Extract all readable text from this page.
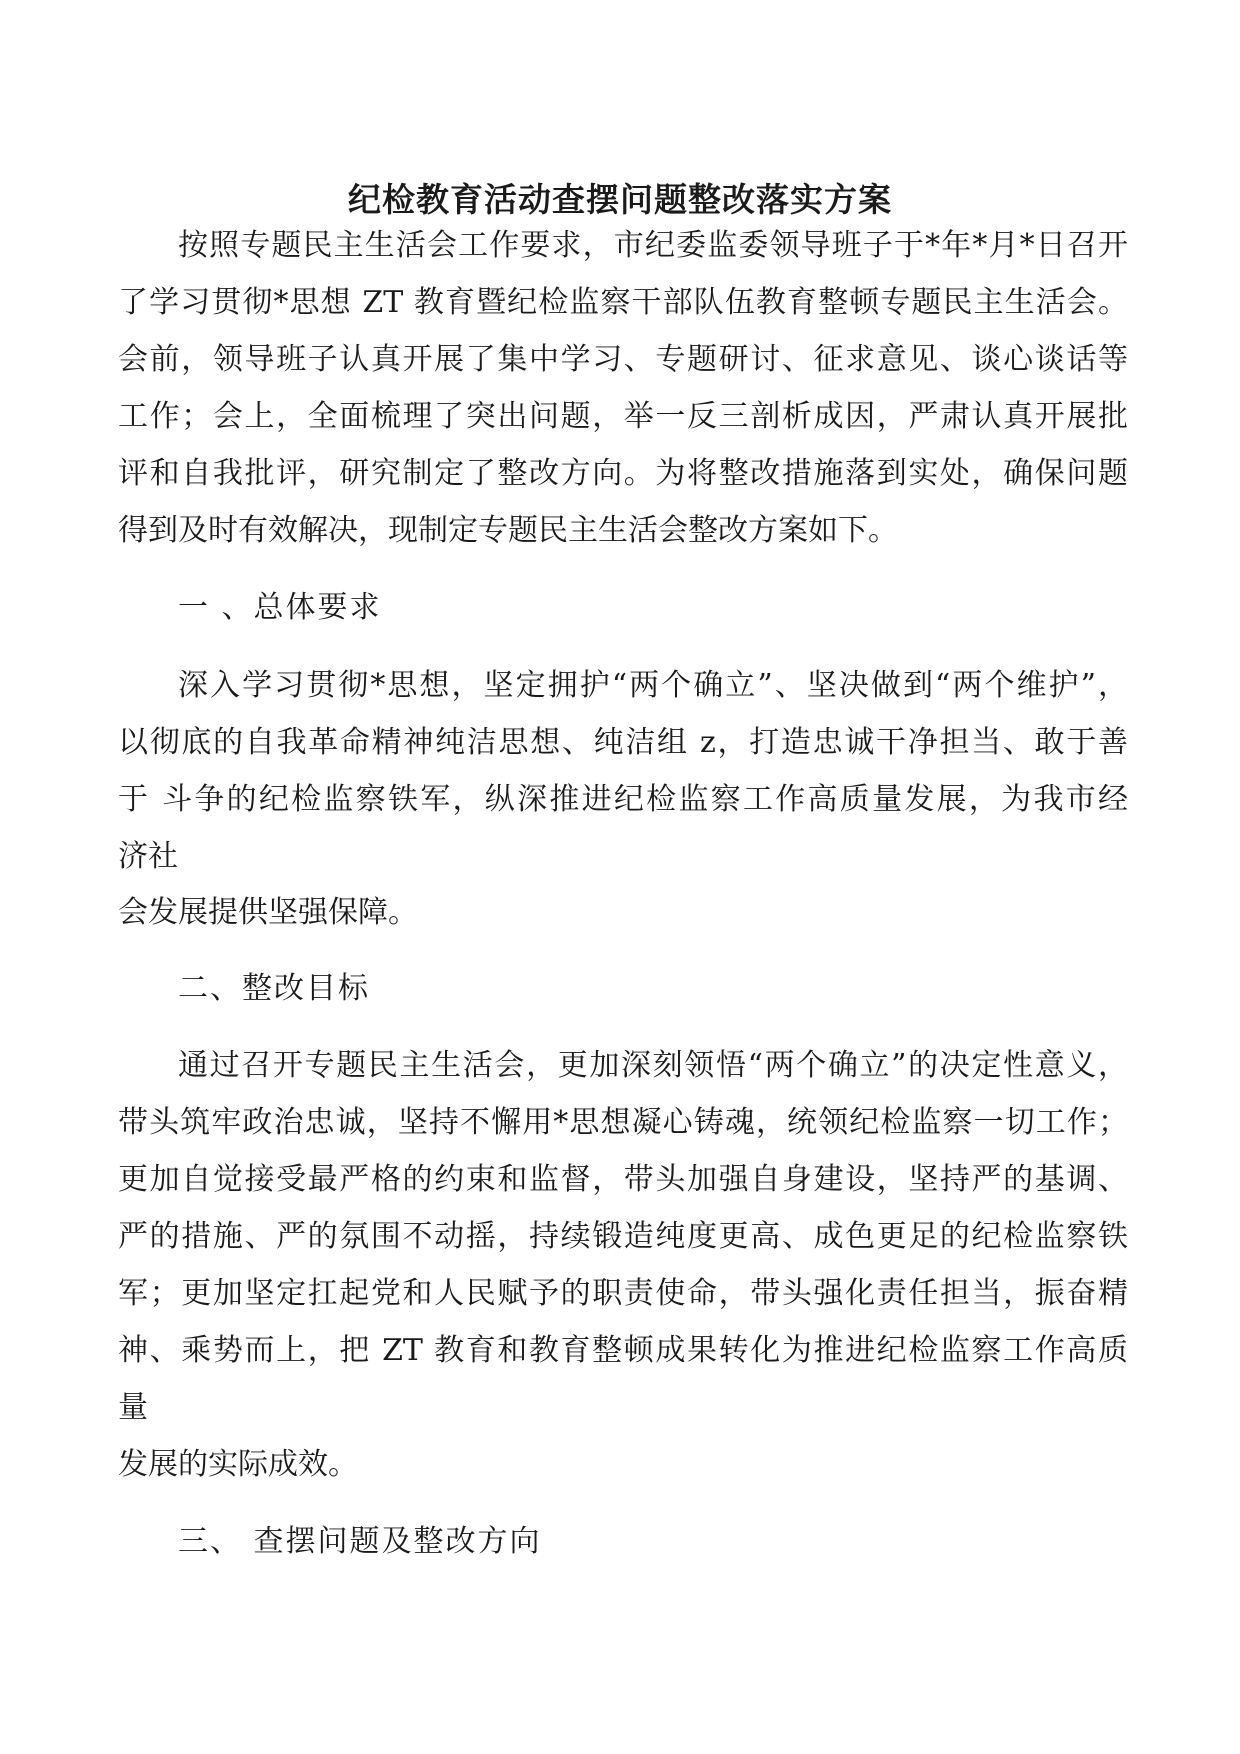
纪检教育活动查摆问题整改落实方案
按照专题民主生活会工作要求，市纪委监委领导班子于*年*月*日召开
了学习贯彻*思想 ZT 教育暨纪检监察干部队伍教育整顿专题民主生活会。
会前，领导班子认真开展了集中学习、专题研讨、征求意见、谈心谈话等
工作；会上，全面梳理了突出问题，举一反三剖析成因，严肃认真开展批
评和自我批评，研究制定了整改方向。为将整改措施落到实处，确保问题
得到及时有效解决，现制定专题民主生活会整改方案如下。
一 、总体要求
深入学习贯彻*思想，坚定拥护“两个确立”、坚决做到“两个维护”，
以彻底的自我革命精神纯洁思想、纯洁组 z，打造忠诚干净担当、敢于善
于 斗争的纪检监察铁军，纵深推进纪检监察工作高质量发展，为我市经
济社
会发展提供坚强保障。
二、整改目标
通过召开专题民主生活会，更加深刻领悟“两个确立”的决定性意义，
带头筑牢政治忠诚，坚持不懈用*思想凝心铸魂，统领纪检监察一切工作；
更加自觉接受最严格的约束和监督，带头加强自身建设，坚持严的基调、
严的措施、严的氛围不动摇，持续锻造纯度更高、成色更足的纪检监察铁
军；更加坚定扛起党和人民赋予的职责使命，带头强化责任担当，振奋精
神、乘势而上，把 ZT 教育和教育整顿成果转化为推进纪检监察工作高质
量
发展的实际成效。
三、 查摆问题及整改方向
